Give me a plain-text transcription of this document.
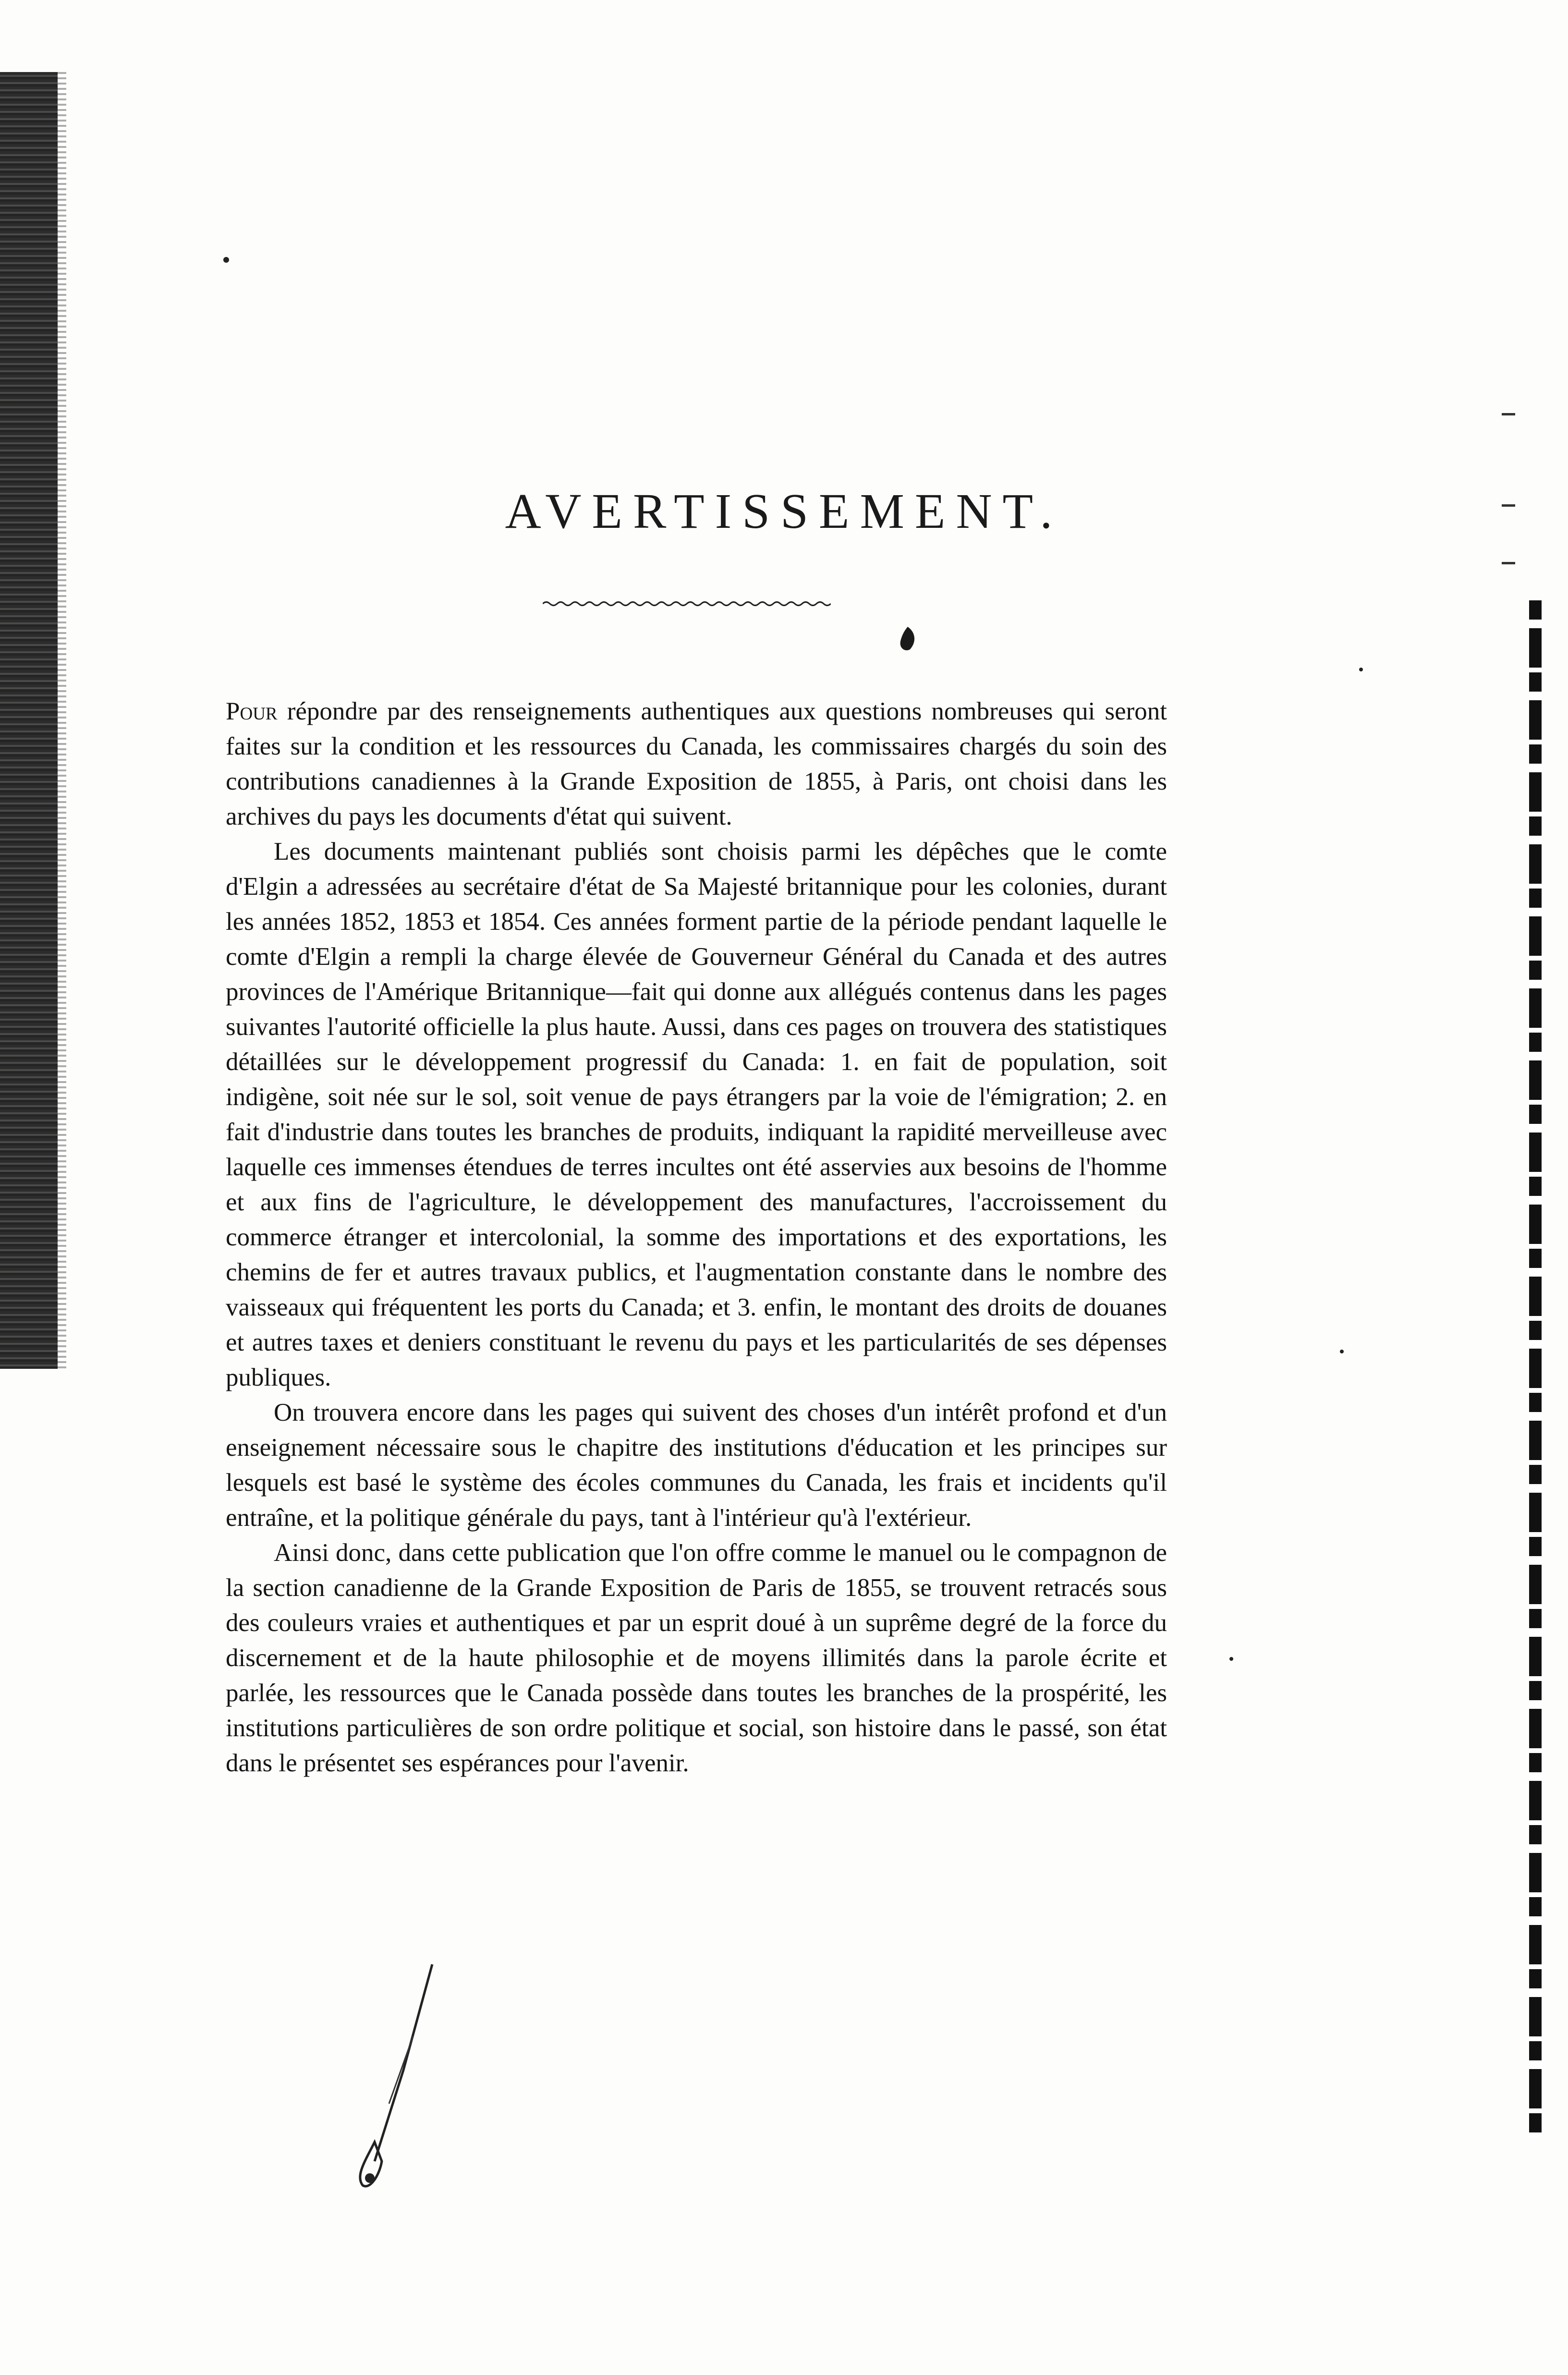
AVERTISSEMENT.

Pour répondre par des renseignements authentiques aux questions nombreuses qui seront faites sur la condition et les ressources du Canada, les commissaires chargés du soin des contributions canadiennes à la Grande Exposition de 1855, à Paris, ont choisi dans les archives du pays les documents d'état qui suivent.

Les documents maintenant publiés sont choisis parmi les dépêches que le comte d'Elgin a adressées au secrétaire d'état de Sa Majesté britannique pour les colonies, durant les années 1852, 1853 et 1854. Ces années forment partie de la période pendant laquelle le comte d'Elgin a rempli la charge élevée de Gouverneur Général du Canada et des autres provinces de l'Amérique Britannique—fait qui donne aux allégués contenus dans les pages suivantes l'autorité officielle la plus haute. Aussi, dans ces pages on trouvera des statistiques détaillées sur le développement progressif du Canada: 1. en fait de population, soit indigène, soit née sur le sol, soit venue de pays étrangers par la voie de l'émigration; 2. en fait d'industrie dans toutes les branches de produits, indiquant la rapidité merveilleuse avec laquelle ces immenses étendues de terres incultes ont été asservies aux besoins de l'homme et aux fins de l'agriculture, le développement des manufactures, l'accroissement du commerce étranger et intercolonial, la somme des importations et des exportations, les chemins de fer et autres travaux publics, et l'augmentation constante dans le nombre des vaisseaux qui fréquentent les ports du Canada; et 3. enfin, le montant des droits de douanes et autres taxes et deniers constituant le revenu du pays et les particularités de ses dépenses publiques.

On trouvera encore dans les pages qui suivent des choses d'un intérêt profond et d'un enseignement nécessaire sous le chapitre des institutions d'éducation et les principes sur lesquels est basé le système des écoles communes du Canada, les frais et incidents qu'il entraîne, et la politique générale du pays, tant à l'intérieur qu'à l'extérieur.

Ainsi donc, dans cette publication que l'on offre comme le manuel ou le compagnon de la section canadienne de la Grande Exposition de Paris de 1855, se trouvent retracés sous des couleurs vraies et authentiques et par un esprit doué à un suprême degré de la force du discernement et de la haute philosophie et de moyens illimités dans la parole écrite et parlée, les ressources que le Canada possède dans toutes les branches de la prospérité, les institutions particulières de son ordre politique et social, son histoire dans le passé, son état dans le présentet ses espérances pour l'avenir.
